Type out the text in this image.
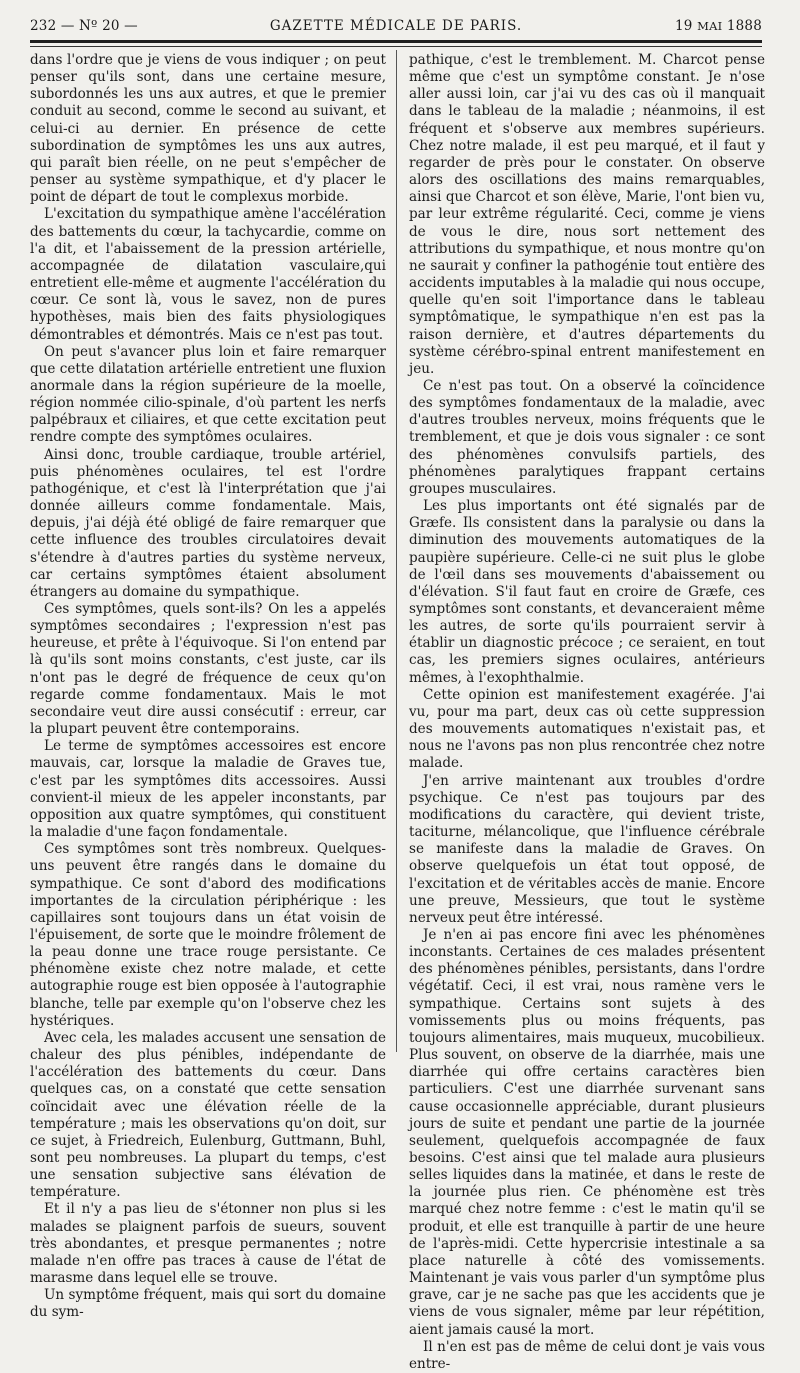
232 — Nº 20 —	GAZETTE MÉDICALE DE PARIS.	19 MAI 1888

dans l'ordre que je viens de vous indiquer ; on peut penser qu'ils sont, dans une certaine mesure, subordonnés les uns aux autres, et que le premier conduit au second, comme le second au suivant, et celui-ci au dernier. En présence de cette subordination de symptômes les uns aux autres, qui paraît bien réelle, on ne peut s'empêcher de penser au système sympathique, et d'y placer le point de départ de tout le complexus morbide.

L'excitation du sympathique amène l'accélération des battements du cœur, la tachycardie, comme on l'a dit, et l'abaissement de la pression artérielle, accompagnée de dilatation vasculaire,qui entretient elle-même et augmente l'accélération du cœur. Ce sont là, vous le savez, non de pures hypothèses, mais bien des faits physiologiques démontrables et démontrés. Mais ce n'est pas tout.

On peut s'avancer plus loin et faire remarquer que cette dilatation artérielle entretient une fluxion anormale dans la région supérieure de la moelle, région nommée cilio-spinale, d'où partent les nerfs palpébraux et ciliaires, et que cette excitation peut rendre compte des symptômes oculaires.

Ainsi donc, trouble cardiaque, trouble artériel, puis phénomènes oculaires, tel est l'ordre pathogénique, et c'est là l'interprétation que j'ai donnée ailleurs comme fondamentale. Mais, depuis, j'ai déjà été obligé de faire remarquer que cette influence des troubles circulatoires devait s'étendre à d'autres parties du système nerveux, car certains symptômes étaient absolument étrangers au domaine du sympathique.

Ces symptômes, quels sont-ils? On les a appelés symptômes secondaires ; l'expression n'est pas heureuse, et prête à l'équivoque. Si l'on entend par là qu'ils sont moins constants, c'est juste, car ils n'ont pas le degré de fréquence de ceux qu'on regarde comme fondamentaux. Mais le mot secondaire veut dire aussi consécutif : erreur, car la plupart peuvent être contemporains.

Le terme de symptômes accessoires est encore mauvais, car, lorsque la maladie de Graves tue, c'est par les symptômes dits accessoires. Aussi convient-il mieux de les appeler inconstants, par opposition aux quatre symptômes, qui constituent la maladie d'une façon fondamentale.

Ces symptômes sont très nombreux. Quelques-uns peuvent être rangés dans le domaine du sympathique. Ce sont d'abord des modifications importantes de la circulation périphérique : les capillaires sont toujours dans un état voisin de l'épuisement, de sorte que le moindre frôlement de la peau donne une trace rouge persistante. Ce phénomène existe chez notre malade, et cette autographie rouge est bien opposée à l'autographie blanche, telle par exemple qu'on l'observe chez les hystériques.

Avec cela, les malades accusent une sensation de chaleur des plus pénibles, indépendante de l'accélération des battements du cœur. Dans quelques cas, on a constaté que cette sensation coïncidait avec une élévation réelle de la température ; mais les observations qu'on doit, sur ce sujet, à Friedreich, Eulenburg, Guttmann, Buhl, sont peu nombreuses. La plupart du temps, c'est une sensation subjective sans élévation de température.

Et il n'y a pas lieu de s'étonner non plus si les malades se plaignent parfois de sueurs, souvent très abondantes, et presque permanentes ; notre malade n'en offre pas traces à cause de l'état de marasme dans lequel elle se trouve.

Un symptôme fréquent, mais qui sort du domaine du sym-

pathique, c'est le tremblement. M. Charcot pense même que c'est un symptôme constant. Je n'ose aller aussi loin, car j'ai vu des cas où il manquait dans le tableau de la maladie ; néanmoins, il est fréquent et s'observe aux membres supérieurs. Chez notre malade, il est peu marqué, et il faut y regarder de près pour le constater. On observe alors des oscillations des mains remarquables, ainsi que Charcot et son élève, Marie, l'ont bien vu, par leur extrême régularité. Ceci, comme je viens de vous le dire, nous sort nettement des attributions du sympathique, et nous montre qu'on ne saurait y confiner la pathogénie tout entière des accidents imputables à la maladie qui nous occupe, quelle qu'en soit l'importance dans le tableau symptômatique, le sympathique n'en est pas la raison dernière, et d'autres départements du système cérébro-spinal entrent manifestement en jeu.

Ce n'est pas tout. On a observé la coïncidence des symptômes fondamentaux de la maladie, avec d'autres troubles nerveux, moins fréquents que le tremblement, et que je dois vous signaler : ce sont des phénomènes convulsifs partiels, des phénomènes paralytiques frappant certains groupes musculaires.

Les plus importants ont été signalés par de Græfe. Ils consistent dans la paralysie ou dans la diminution des mouvements automatiques de la paupière supérieure. Celle-ci ne suit plus le globe de l'œil dans ses mouvements d'abaissement ou d'élévation. S'il faut faut en croire de Græfe, ces symptômes sont constants, et devanceraient même les autres, de sorte qu'ils pourraient servir à établir un diagnostic précoce ; ce seraient, en tout cas, les premiers signes oculaires, antérieurs mêmes, à l'exophthalmie.

Cette opinion est manifestement exagérée. J'ai vu, pour ma part, deux cas où cette suppression des mouvements automatiques n'existait pas, et nous ne l'avons pas non plus rencontrée chez notre malade.

J'en arrive maintenant aux troubles d'ordre psychique. Ce n'est pas toujours par des modifications du caractère, qui devient triste, taciturne, mélancolique, que l'influence cérébrale se manifeste dans la maladie de Graves. On observe quelquefois un état tout opposé, de l'excitation et de véritables accès de manie. Encore une preuve, Messieurs, que tout le système nerveux peut être intéressé.

Je n'en ai pas encore fini avec les phénomènes inconstants. Certaines de ces malades présentent des phénomènes pénibles, persistants, dans l'ordre végétatif. Ceci, il est vrai, nous ramène vers le sympathique. Certains sont sujets à des vomissements plus ou moins fréquents, pas toujours alimentaires, mais muqueux, mucobilieux. Plus souvent, on observe de la diarrhée, mais une diarrhée qui offre certains caractères bien particuliers. C'est une diarrhée survenant sans cause occasionnelle appréciable, durant plusieurs jours de suite et pendant une partie de la journée seulement, quelquefois accompagnée de faux besoins. C'est ainsi que tel malade aura plusieurs selles liquides dans la matinée, et dans le reste de la journée plus rien. Ce phénomène est très marqué chez notre femme : c'est le matin qu'il se produit, et elle est tranquille à partir de une heure de l'après-midi. Cette hypercrisie intestinale a sa place naturelle à côté des vomissements. Maintenant je vais vous parler d'un symptôme plus grave, car je ne sache pas que les accidents que je viens de vous signaler, même par leur répétition, aient jamais causé la mort.

Il n'en est pas de même de celui dont je vais vous entre-
